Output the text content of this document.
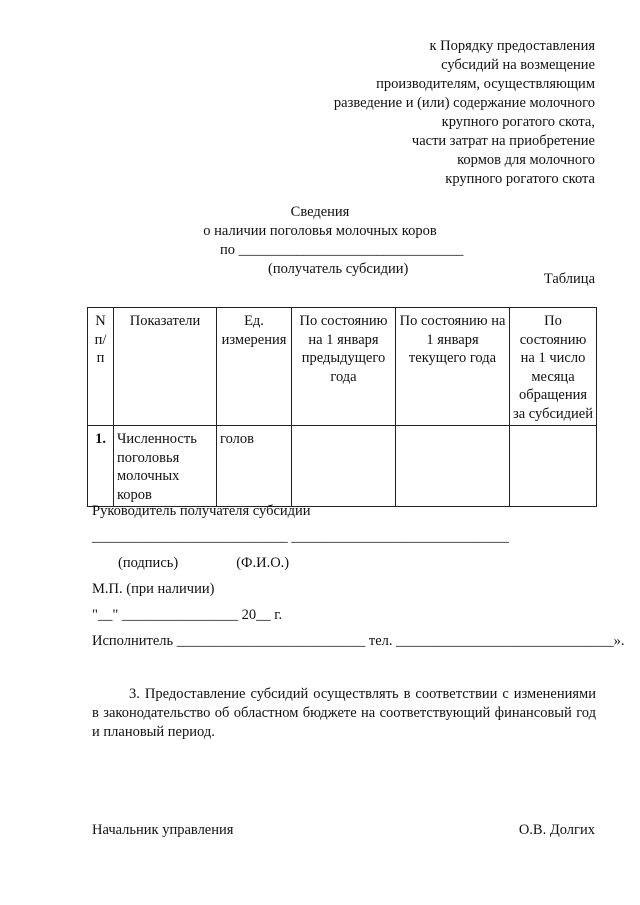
к Порядку предоставления
субсидий на возмещение
производителям, осуществляющим
разведение и (или) содержание молочного
крупного рогатого скота,
части затрат на приобретение
кормов для молочного
крупного рогатого скота
Сведения
о наличии поголовья молочных коров
по _______________________________
(получатель субсидии)
Таблица
N п/п	Показатели	Ед. измерения	По состоянию на 1 января предыдущего года	По состоянию на 1 января текущего года	По состоянию на 1 число месяца обращения за субсидией
1.	Численность поголовья молочных коров	голов			
Руководитель получателя субсидии
___________________________ ______________________________
(подпись)                (Ф.И.О.)
М.П. (при наличии)
"__" ________________ 20__ г.
Исполнитель __________________________ тел. ______________________________».
3. Предоставление субсидий осуществлять в соответствии с изменениями в законодательство об областном бюджете на соответствующий финансовый год и плановый период.
Начальник управления	О.В. Долгих
